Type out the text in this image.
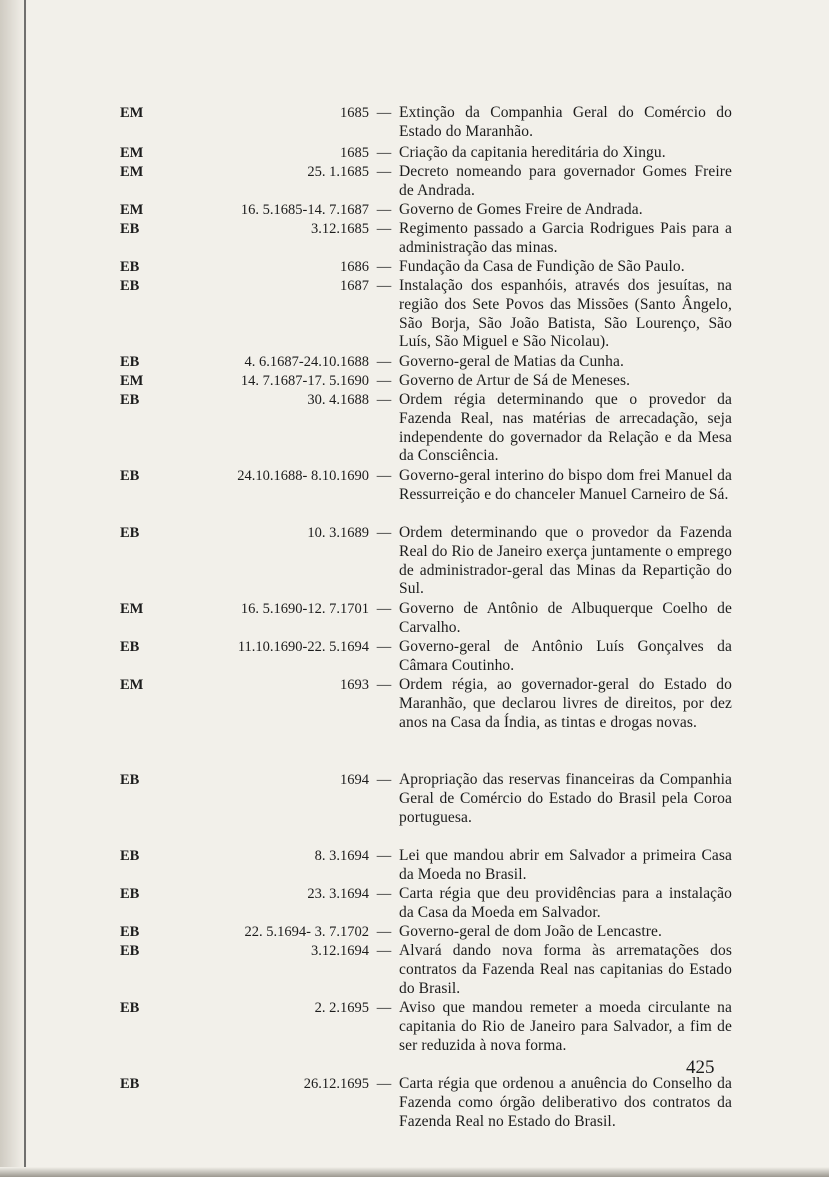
EM	1685 — Extinção da Companhia Geral do Comércio do Estado do Maranhão.
EM	1685 — Criação da capitania hereditária do Xingu.
EM	25. 1.1685 — Decreto nomeando para governador Gomes Freire de Andrada.
EM	16. 5.1685-14. 7.1687 — Governo de Gomes Freire de Andrada.
EB	3.12.1685 — Regimento passado a Garcia Rodrigues Pais para a administração das minas.
EB	1686 — Fundação da Casa de Fundição de São Paulo.
EB	1687 — Instalação dos espanhóis, através dos jesuítas, na região dos Sete Povos das Missões (Santo Ângelo, São Borja, São João Batista, São Lourenço, São Luís, São Miguel e São Nicolau).
EB	4. 6.1687-24.10.1688 — Governo-geral de Matias da Cunha.
EM	14. 7.1687-17. 5.1690 — Governo de Artur de Sá de Meneses.
EB	30. 4.1688 — Ordem régia determinando que o provedor da Fazenda Real, nas matérias de arrecadação, seja independente do governador da Relação e da Mesa da Consciência.
EB	24.10.1688- 8.10.1690 — Governo-geral interino do bispo dom frei Manuel da Ressurreição e do chanceler Manuel Carneiro de Sá.
EB	10. 3.1689 — Ordem determinando que o provedor da Fazenda Real do Rio de Janeiro exerça juntamente o emprego de administrador-geral das Minas da Repartição do Sul.
EM	16. 5.1690-12. 7.1701 — Governo de Antônio de Albuquerque Coelho de Carvalho.
EB	11.10.1690-22. 5.1694 — Governo-geral de Antônio Luís Gonçalves da Câmara Coutinho.
EM	1693 — Ordem régia, ao governador-geral do Estado do Maranhão, que declarou livres de direitos, por dez anos na Casa da Índia, as tintas e drogas novas.
EB	1694 — Apropriação das reservas financeiras da Companhia Geral de Comércio do Estado do Brasil pela Coroa portuguesa.
EB	8. 3.1694 — Lei que mandou abrir em Salvador a primeira Casa da Moeda no Brasil.
EB	23. 3.1694 — Carta régia que deu providências para a instalação da Casa da Moeda em Salvador.
EB	22. 5.1694- 3. 7.1702 — Governo-geral de dom João de Lencastre.
EB	3.12.1694 — Alvará dando nova forma às arrematações dos contratos da Fazenda Real nas capitanias do Estado do Brasil.
EB	2. 2.1695 — Aviso que mandou remeter a moeda circulante na capitania do Rio de Janeiro para Salvador, a fim de ser reduzida à nova forma.
EB	26.12.1695 — Carta régia que ordenou a anuência do Conselho da Fazenda como órgão deliberativo dos contratos da Fazenda Real no Estado do Brasil.
425
